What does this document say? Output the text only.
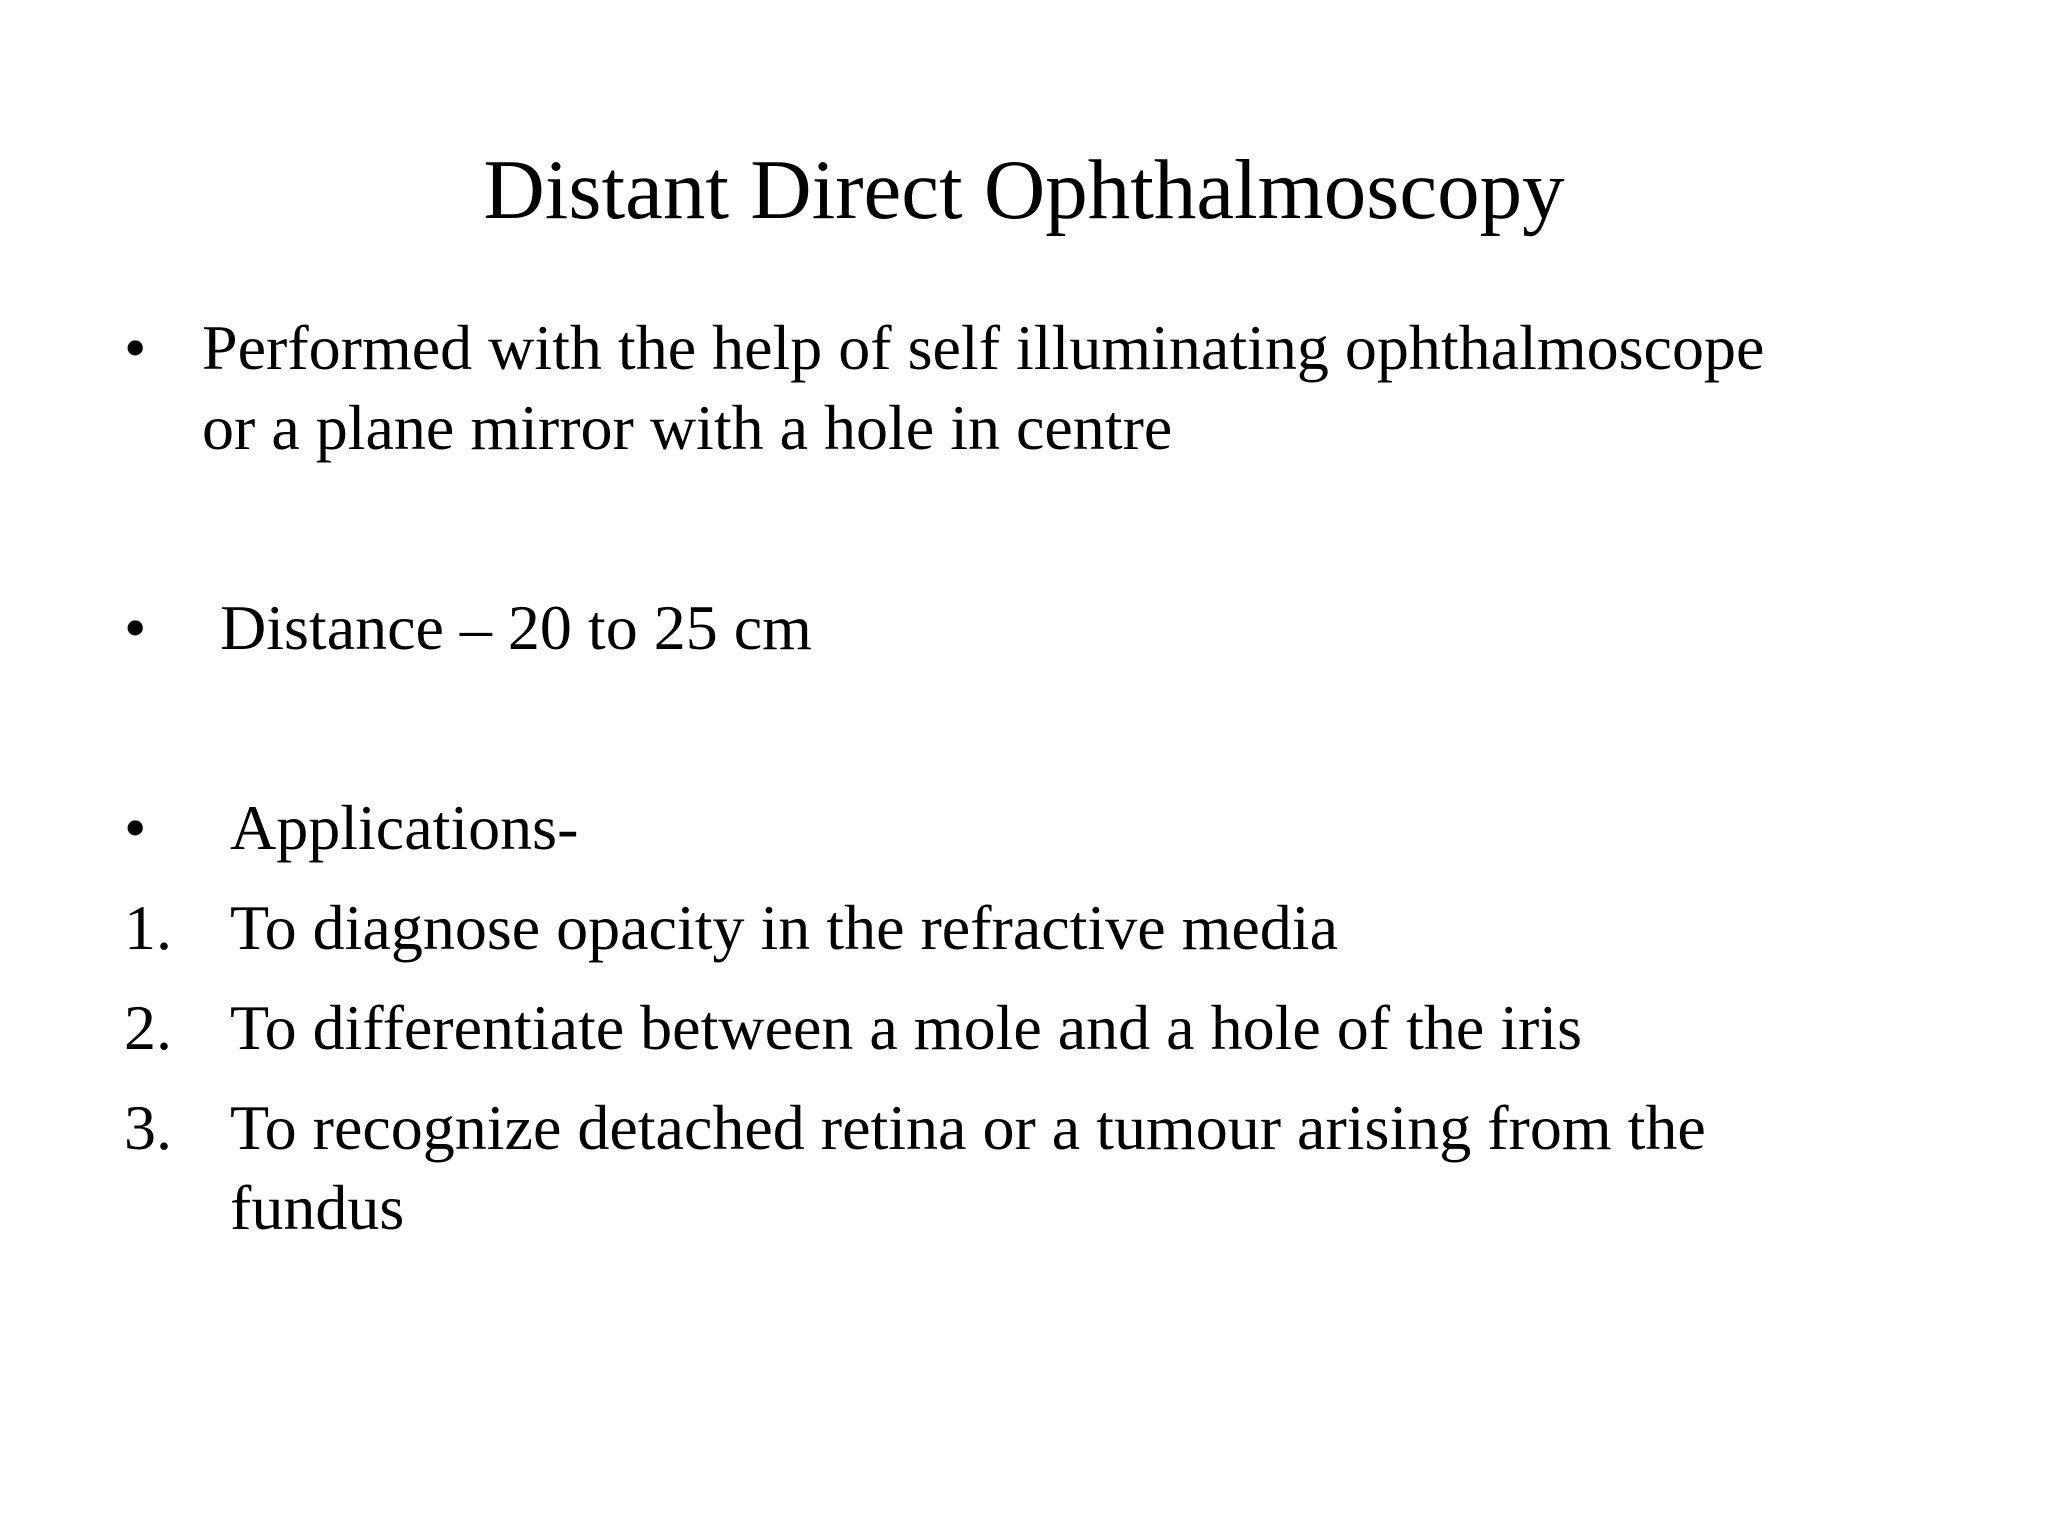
Distant Direct Ophthalmoscopy
• Performed with the help of self illuminating ophthalmoscope
or a plane mirror with a hole in centre
• Distance – 20 to 25 cm
• Applications-
1. To diagnose opacity in the refractive media
2. To differentiate between a mole and a hole of the iris
3. To recognize detached retina or a tumour arising from the
fundus
